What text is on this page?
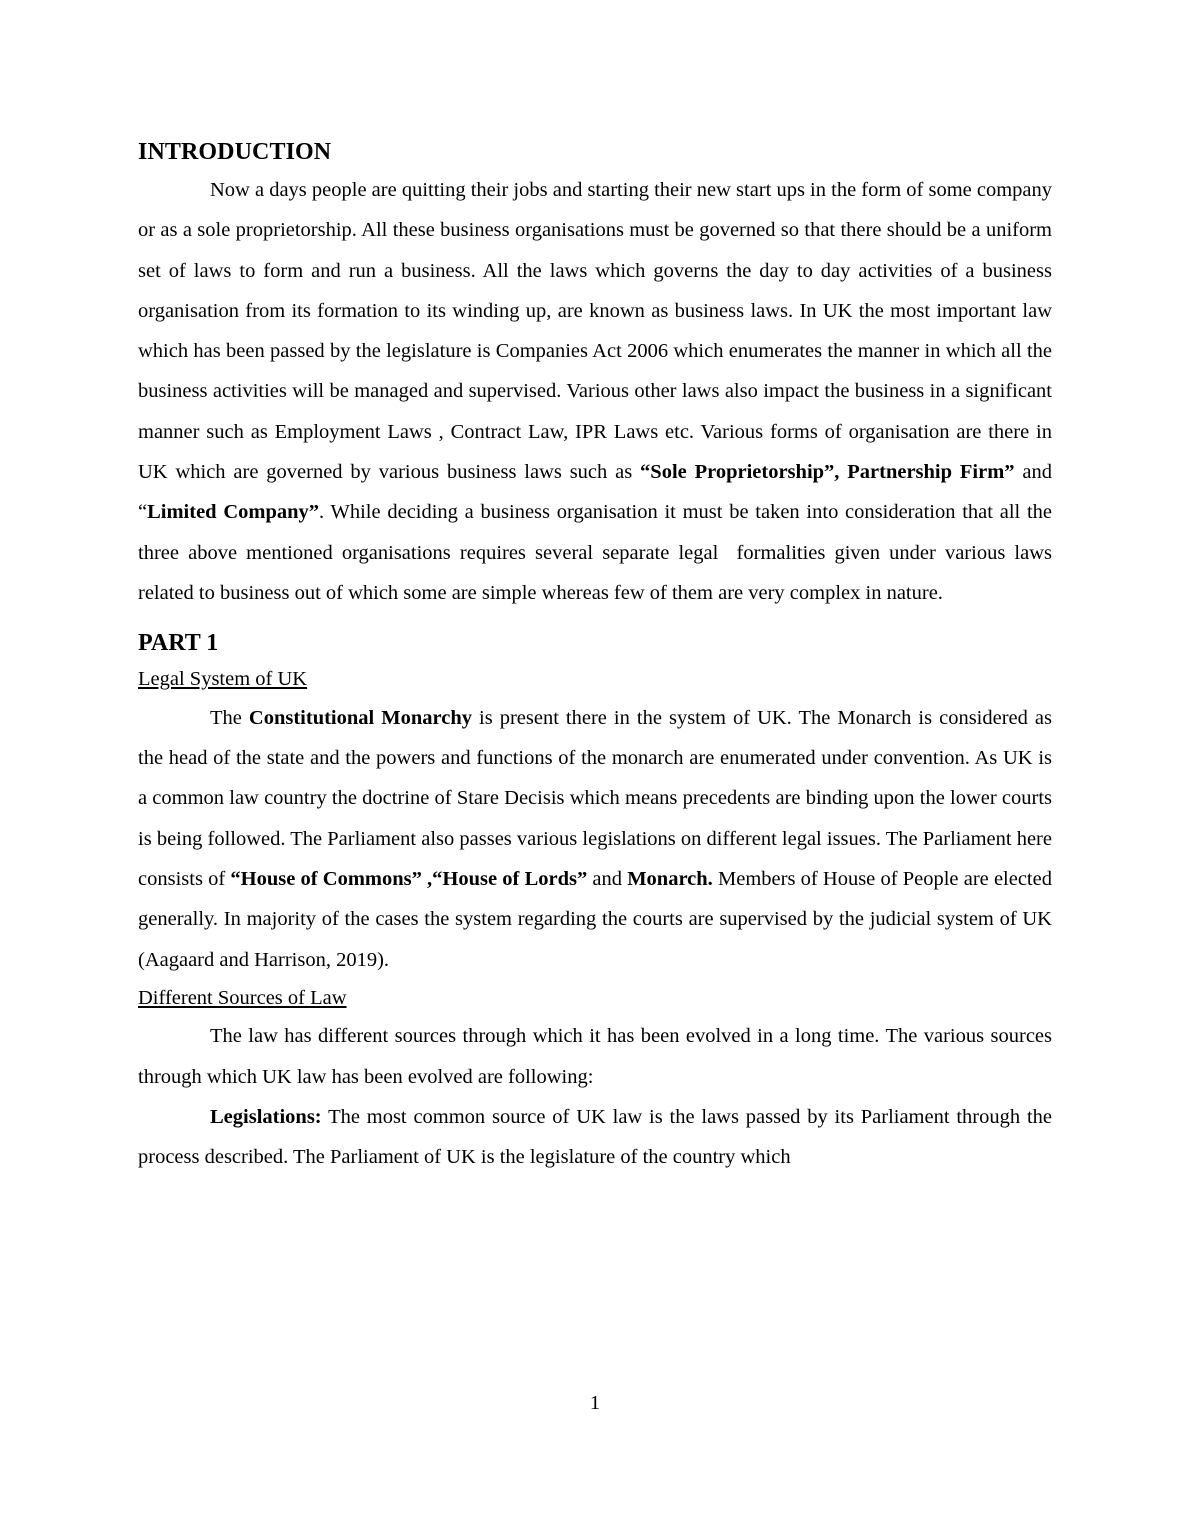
INTRODUCTION

Now a days people are quitting their jobs and starting their new start ups in the form of some company or as a sole proprietorship. All these business organisations must be governed so that there should be a uniform set of laws to form and run a business. All the laws which governs the day to day activities of a business organisation from its formation to its winding up, are known as business laws. In UK the most important law which has been passed by the legislature is Companies Act 2006 which enumerates the manner in which all the business activities will be managed and supervised. Various other laws also impact the business in a significant manner such as Employment Laws , Contract Law, IPR Laws etc. Various forms of organisation are there in UK which are governed by various business laws such as “Sole Proprietorship”, Partnership Firm” and “Limited Company”. While deciding a business organisation it must be taken into consideration that all the three above mentioned organisations requires several separate legal  formalities given under various laws related to business out of which some are simple whereas few of them are very complex in nature.

PART 1
Legal System of UK

The Constitutional Monarchy is present there in the system of UK. The Monarch is considered as the head of the state and the powers and functions of the monarch are enumerated under convention. As UK is a common law country the doctrine of Stare Decisis which means precedents are binding upon the lower courts is being followed. The Parliament also passes various legislations on different legal issues. The Parliament here consists of “House of Commons” ,“House of Lords” and Monarch. Members of House of People are elected generally. In majority of the cases the system regarding the courts are supervised by the judicial system of UK (Aagaard and Harrison, 2019).

Different Sources of Law

The law has different sources through which it has been evolved in a long time. The various sources through which UK law has been evolved are following:

Legislations: The most common source of UK law is the laws passed by its Parliament through the process described. The Parliament of UK is the legislature of the country which

1
